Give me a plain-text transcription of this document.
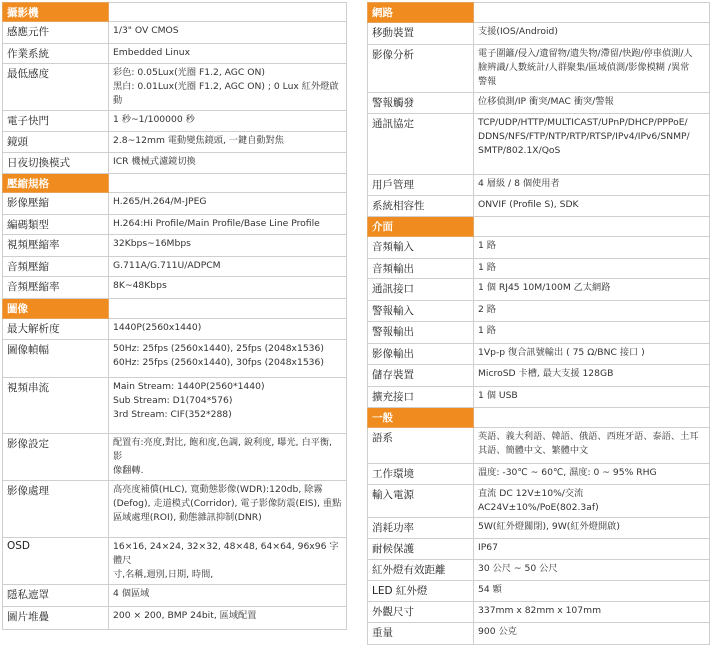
攝影機	
感應元件	1/3" OV CMOS

作業系統	Embedded Linux

最低感度	彩色: 0.05Lux(光圈 F1.2, AGC ON)
黑白: 0.01Lux(光圈 F1.2, AGC ON) ; 0 Lux 紅外燈啟動

電子快門	1 秒~1/100000 秒

鏡頭	2.8~12mm 電動變焦鏡頭, 一鍵自動對焦

日夜切換模式	ICR 機械式濾鏡切換

壓縮規格	
影像壓縮	H.265/H.264/M-JPEG

編碼類型	H.264:Hi Profile/Main Profile/Base Line Profile

視頻壓縮率	32Kbps~16Mbps

音頻壓縮	G.711A/G.711U/ADPCM

音頻壓縮率	8K~48Kbps

圖像	
最大解析度	1440P(2560x1440)

圖像幀幅	50Hz: 25fps (2560x1440), 25fps (2048x1536)
60Hz: 25fps (2560x1440), 30fps (2048x1536)

視頻串流	Main Stream: 1440P(2560*1440)
Sub Stream: D1(704*576)
3rd Stream: CIF(352*288)

影像設定	配置有:亮度,對比, 飽和度,色調, 銳利度, 曝光, 白平衡, 影
像翻轉.

影像處理	高亮度補償(HLC), 寬動態影像(WDR):120db, 除霧
(Defog), 走道模式(Corridor), 電子影像防震(EIS), 重點
區域處理(ROI), 動態雜訊抑制(DNR)

OSD	16×16, 24×24, 32×32, 48×48, 64×64, 96x96 字體尺
寸,名稱,週別,日期, 時間,

隱私遮罩	4 個區域

圖片堆疊	200 × 200, BMP 24bit, 區域配置
網路	
移動裝置	支援(IOS/Android)

影像分析	電子圍籬/侵入/遺留物/遺失物/滯留/快跑/停車偵測/人
臉辨識/人數統計/人群聚集/區域偵測/影像模糊 /異常
警報

警報觸發	位移偵測/IP 衝突/MAC 衝突/警報

通訊協定	TCP/UDP/HTTP/MULTICAST/UPnP/DHCP/PPPoE/
DDNS/NFS/FTP/NTP/RTP/RTSP/IPv4/IPv6/SNMP/
SMTP/802.1X/QoS

用戶管理	4 層級 / 8 個使用者

系統相容性	ONVIF (Profile S), SDK

介面	
音頻輸入	1 路

音頻輸出	1 路

通訊接口	1 個 RJ45 10M/100M 乙太網路

警報輸入	2 路

警報輸出	1 路

影像輸出	1Vp-p 復合訊號輸出 ( 75 Ω/BNC 接口 )

儲存裝置	MicroSD 卡槽, 最大支援 128GB

擴充接口	1 個 USB

一般	
語系	英語、義大利語、韓語、俄語、西班牙語、泰語、土耳
其語、簡體中文、繁體中文

工作環境	溫度: -30℃ ~ 60℃, 濕度: 0 ~ 95% RHG

輸入電源	直流 DC 12V±10%/交流 AC24V±10%/PoE(802.3af)

消耗功率	5W(紅外燈關閉), 9W(紅外燈開啟)

耐候保護	IP67

紅外燈有效距離	30 公尺 ~ 50 公尺

LED 紅外燈	54 顆

外觀尺寸	337mm x 82mm x 107mm

重量	900 公克
